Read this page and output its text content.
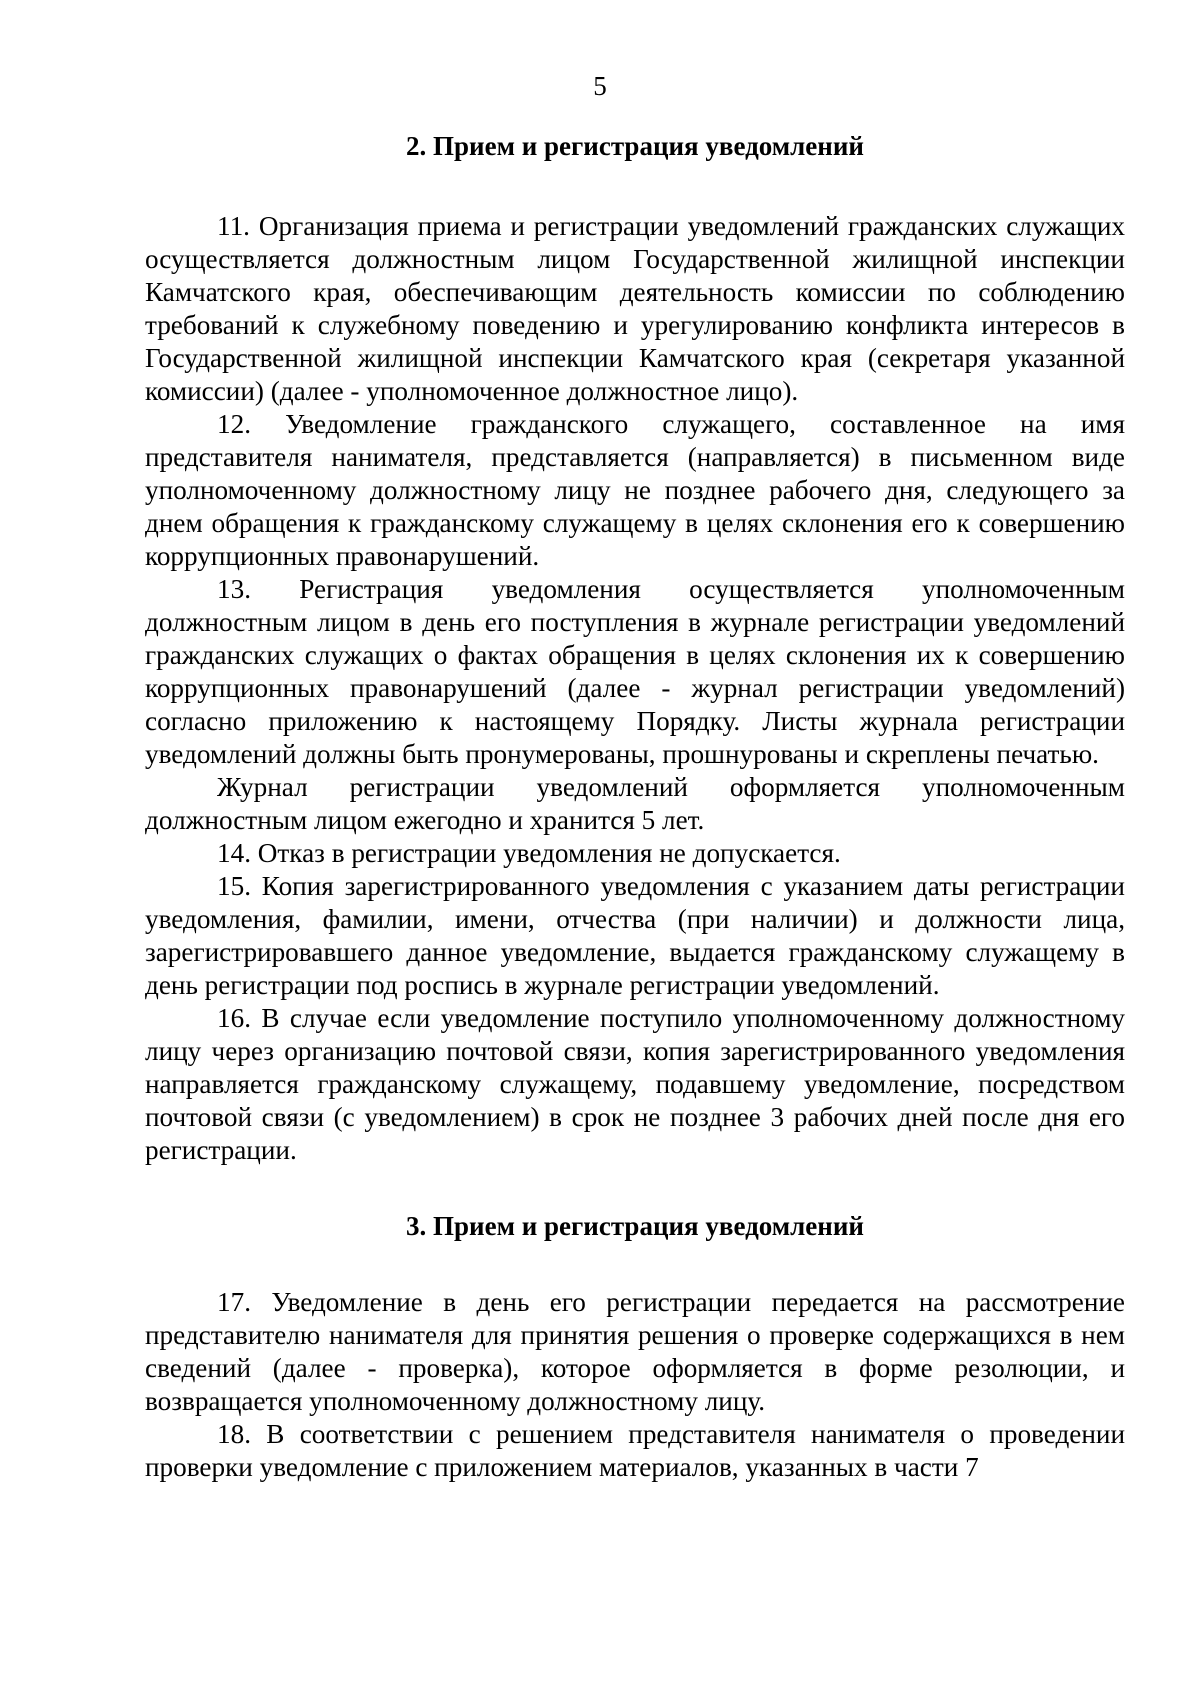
5

2. Прием и регистрация уведомлений

11. Организация приема и регистрации уведомлений гражданских служащих осуществляется должностным лицом Государственной жилищной инспекции Камчатского края, обеспечивающим деятельность комиссии по соблюдению требований к служебному поведению и урегулированию конфликта интересов в Государственной жилищной инспекции Камчатского края (секретаря указанной комиссии) (далее - уполномоченное должностное лицо).

12. Уведомление гражданского служащего, составленное на имя представителя нанимателя, представляется (направляется) в письменном виде уполномоченному должностному лицу не позднее рабочего дня, следующего за днем обращения к гражданскому служащему в целях склонения его к совершению коррупционных правонарушений.

13. Регистрация уведомления осуществляется уполномоченным должностным лицом в день его поступления в журнале регистрации уведомлений гражданских служащих о фактах обращения в целях склонения их к совершению коррупционных правонарушений (далее - журнал регистрации уведомлений) согласно приложению к настоящему Порядку. Листы журнала регистрации уведомлений должны быть пронумерованы, прошнурованы и скреплены печатью.

Журнал регистрации уведомлений оформляется уполномоченным должностным лицом ежегодно и хранится 5 лет.

14. Отказ в регистрации уведомления не допускается.

15. Копия зарегистрированного уведомления с указанием даты регистрации уведомления, фамилии, имени, отчества (при наличии) и должности лица, зарегистрировавшего данное уведомление, выдается гражданскому служащему в день регистрации под роспись в журнале регистрации уведомлений.

16. В случае если уведомление поступило уполномоченному должностному лицу через организацию почтовой связи, копия зарегистрированного уведомления направляется гражданскому служащему, подавшему уведомление, посредством почтовой связи (с уведомлением) в срок не позднее 3 рабочих дней после дня его регистрации.

3. Прием и регистрация уведомлений

17. Уведомление в день его регистрации передается на рассмотрение представителю нанимателя для принятия решения о проверке содержащихся в нем сведений (далее - проверка), которое оформляется в форме резолюции, и возвращается уполномоченному должностному лицу.

18. В соответствии с решением представителя нанимателя о проведении проверки уведомление с приложением материалов, указанных в части 7
